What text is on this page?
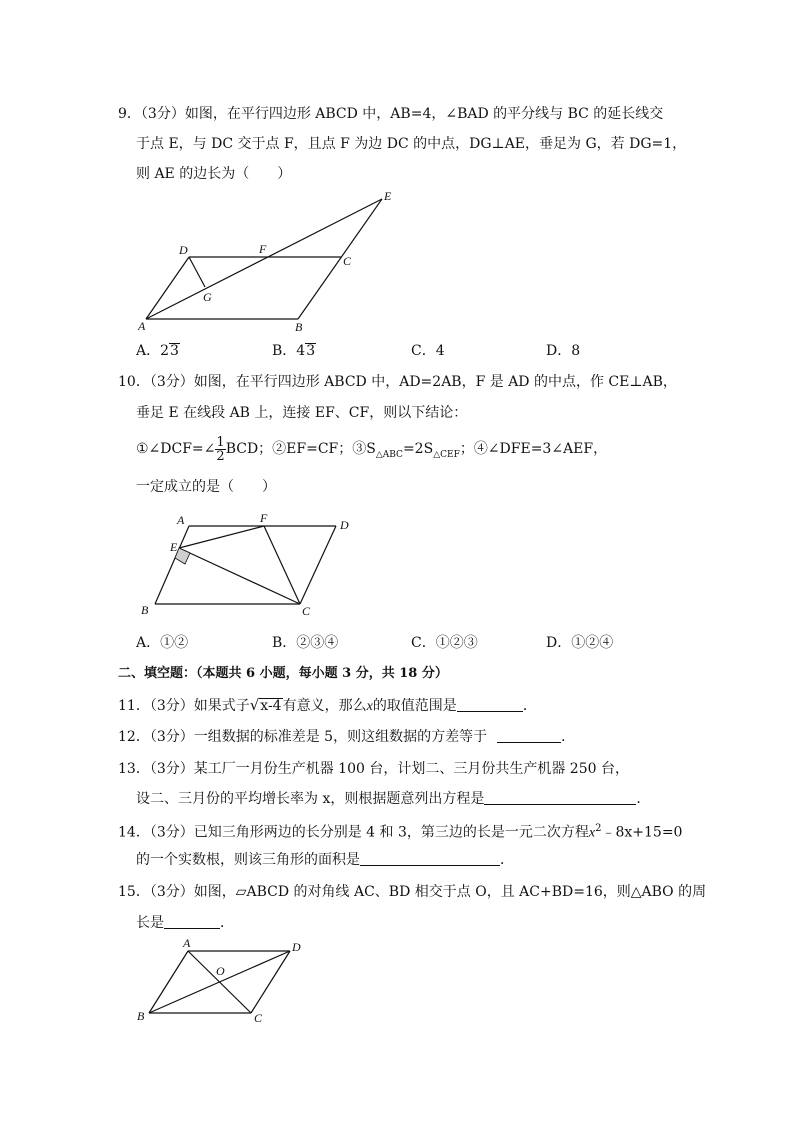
9．（3分）如图，在平行四边形 ABCD 中，AB=4，∠BAD 的平分线与 BC 的延长线交
于点 E，与 DC 交于点 F，且点 F 为边 DC 的中点，DG⊥AE，垂足为 G，若 DG=1，
则 AE 的边长为（　　）
A	B
C
D
E
F
G
A．23	B．43	C．4	D．8
10．（3分）如图，在平行四边形 ABCD 中，AD=2AB，F 是 AD 的中点，作 CE⊥AB，
垂足 E 在线段 AB 上，连接 EF、CF，则以下结论：
①∠DCF=∠ $\frac{1}{2}$ BCD；②EF=CF；$③S_{\triangle ABC}=2S_{\triangle CEF}$；④∠DFE=3∠AEF，
一定成立的是（　　）
A
B	C
D
E
F
A．①②	B．②③④	C．①②③	D．①②④
二、填空题：（本题共 6 小题，每小题 3 分，共 18 分）
11．（3分）如果式子√x-4有意义，那么x的取值范围是	．
12．（3分）一组数据的标准差是 5，则这组数据的方差等于	．
13．（3分）某工厂一月份生产机器 100 台，计划二、三月份共生产机器 250 台，
设二、三月份的平均增长率为 x，则根据题意列出方程是	．
14．（3分）已知三角形两边的长分别是 4 和 3，第三边的长是一元二次方程$x^2﹣8x+15=0$
的一个实数根，则该三角形的面积是	．
15．（3分）如图，▱ABCD 的对角线 AC、BD 相交于点 O，且 AC+BD=16，则△ABO 的周
长是	．
A
B	C
D
O
